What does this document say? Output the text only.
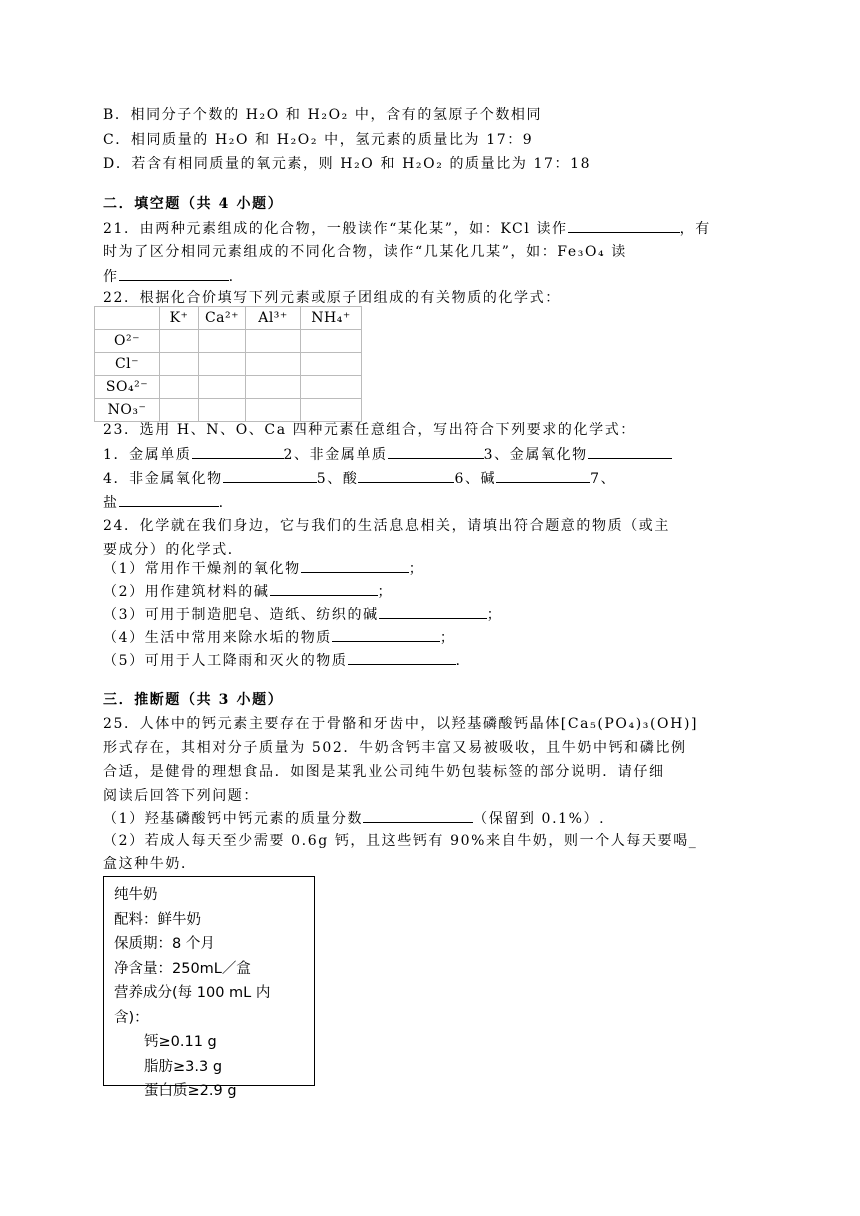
B．相同分子个数的 H₂O 和 H₂O₂ 中，含有的氢原子个数相同
C．相同质量的 H₂O 和 H₂O₂ 中，氢元素的质量比为 17：9
D．若含有相同质量的氧元素，则 H₂O 和 H₂O₂ 的质量比为 17：18
二．填空题（共 4 小题）
21．由两种元素组成的化合物，一般读作“某化某”，如：KCl 读作	，有
时为了区分相同元素组成的不同化合物，读作“几某化几某”，如：Fe₃O₄ 读
作	.
22．根据化合价填写下列元素或原子团组成的有关物质的化学式：
	K⁺	Ca²⁺	Al³⁺	NH₄⁺
O²⁻				
Cl⁻				
SO₄²⁻				
NO₃⁻				
23．选用 H、N、O、Ca 四种元素任意组合，写出符合下列要求的化学式：
1．金属单质	2、非金属单质	3、金属氧化物
4．非金属氧化物	5、酸	6、碱	7、
盐	.
24．化学就在我们身边，它与我们的生活息息相关，请填出符合题意的物质（或主
要成分）的化学式．
（1）常用作干燥剂的氧化物	；
（2）用作建筑材料的碱	；
（3）可用于制造肥皂、造纸、纺织的碱	；
（4）生活中常用来除水垢的物质	；
（5）可用于人工降雨和灭火的物质	.
三．推断题（共 3 小题）
25．人体中的钙元素主要存在于骨骼和牙齿中，以羟基磷酸钙晶体[Ca₅(PO₄)₃(OH)]
形式存在，其相对分子质量为 502．牛奶含钙丰富又易被吸收，且牛奶中钙和磷比例
合适，是健骨的理想食品．如图是某乳业公司纯牛奶包装标签的部分说明．请仔细
阅读后回答下列问题：
（1）羟基磷酸钙中钙元素的质量分数	（保留到 0.1%）.
（2）若成人每天至少需要 0.6g 钙，且这些钙有 90%来自牛奶，则一个人每天要喝_
盒这种牛奶．
纯牛奶
配料：鲜牛奶
保质期：8 个月
净含量：250mL／盒
营养成分(每 100 mL 内
含)：
钙≥0.11 g
脂肪≥3.3 g
蛋白质≥2.9 g
